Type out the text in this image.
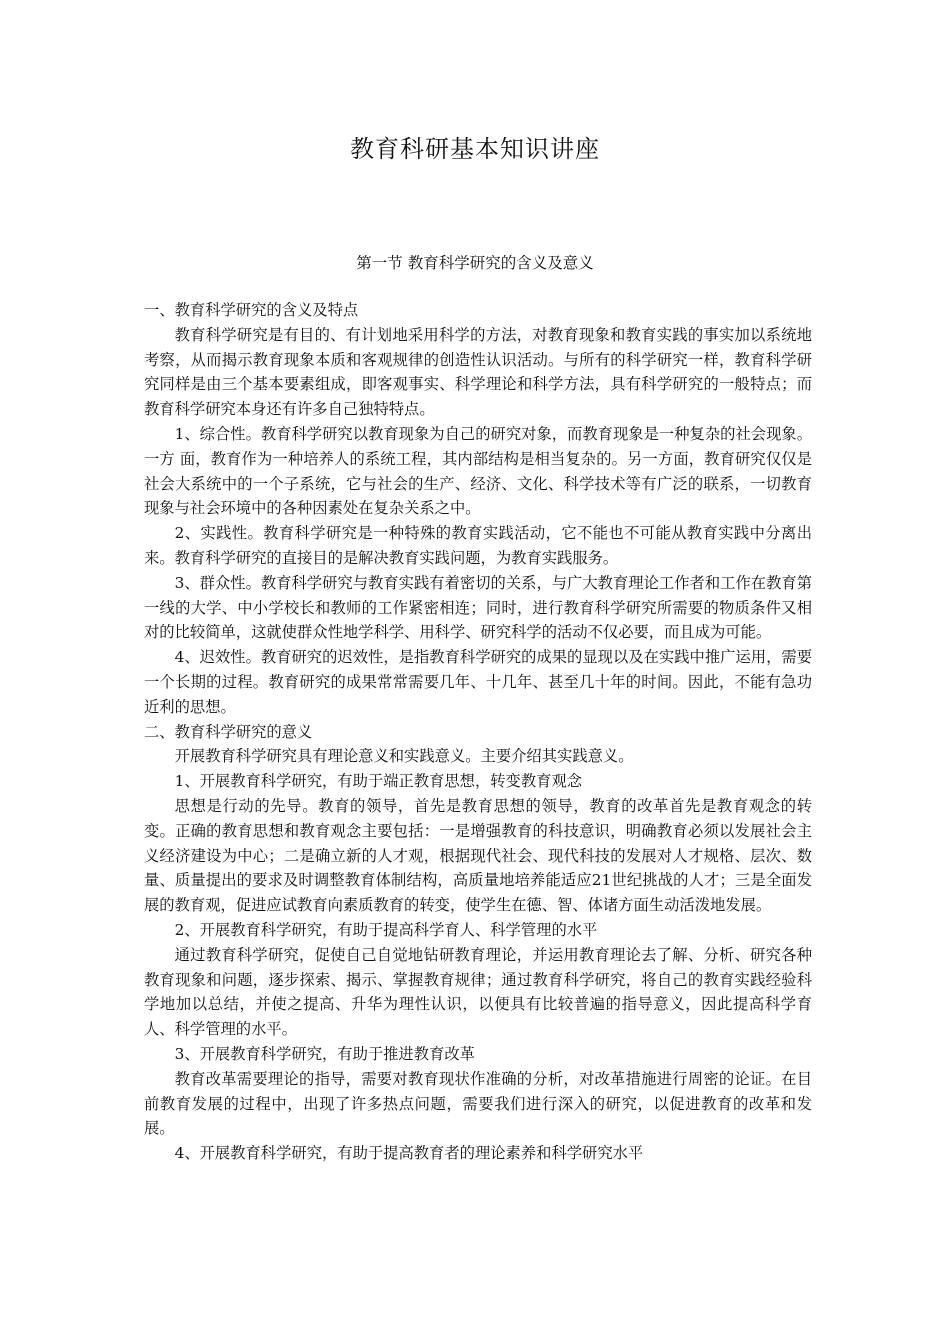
教育科研基本知识讲座
第一节 教育科学研究的含义及意义

一、教育科学研究的含义及特点

教育科学研究是有目的、有计划地采用科学的方法，对教育现象和教育实践的事实加以系统地考察，从而揭示教育现象本质和客观规律的创造性认识活动。与所有的科学研究一样，教育科学研究同样是由三个基本要素组成，即客观事实、科学理论和科学方法，具有科学研究的一般特点；而教育科学研究本身还有许多自己独特特点。

1、综合性。教育科学研究以教育现象为自己的研究对象，而教育现象是一种复杂的社会现象。一方 面，教育作为一种培养人的系统工程，其内部结构是相当复杂的。另一方面，教育研究仅仅是社会大系统中的一个子系统，它与社会的生产、经济、文化、科学技术等有广泛的联系，一切教育现象与社会环境中的各种因素处在复杂关系之中。

2、实践性。教育科学研究是一种特殊的教育实践活动，它不能也不可能从教育实践中分离出来。教育科学研究的直接目的是解决教育实践问题，为教育实践服务。

3、群众性。教育科学研究与教育实践有着密切的关系，与广大教育理论工作者和工作在教育第一线的大学、中小学校长和教师的工作紧密相连；同时，进行教育科学研究所需要的物质条件又相对的比较简单，这就使群众性地学科学、用科学、研究科学的活动不仅必要，而且成为可能。

4、迟效性。教育研究的迟效性，是指教育科学研究的成果的显现以及在实践中推广运用，需要一个长期的过程。教育研究的成果常常需要几年、十几年、甚至几十年的时间。因此，不能有急功近利的思想。

二、教育科学研究的意义

开展教育科学研究具有理论意义和实践意义。主要介绍其实践意义。

1、开展教育科学研究，有助于端正教育思想，转变教育观念

思想是行动的先导。教育的领导，首先是教育思想的领导，教育的改革首先是教育观念的转变。正确的教育思想和教育观念主要包括：一是增强教育的科技意识，明确教育必须以发展社会主义经济建设为中心；二是确立新的人才观，根据现代社会、现代科技的发展对人才规格、层次、数量、质量提出的要求及时调整教育体制结构，高质量地培养能适应21世纪挑战的人才；三是全面发展的教育观，促进应试教育向素质教育的转变，使学生在德、智、体诸方面生动活泼地发展。

2、开展教育科学研究，有助于提高科学育人、科学管理的水平

通过教育科学研究，促使自己自觉地钻研教育理论，并运用教育理论去了解、分析、研究各种教育现象和问题，逐步探索、揭示、掌握教育规律；通过教育科学研究，将自己的教育实践经验科学地加以总结，并使之提高、升华为理性认识，以便具有比较普遍的指导意义，因此提高科学育人、科学管理的水平。

3、开展教育科学研究，有助于推进教育改革

教育改革需要理论的指导，需要对教育现状作准确的分析，对改革措施进行周密的论证。在目前教育发展的过程中，出现了许多热点问题，需要我们进行深入的研究，以促进教育的改革和发展。

4、开展教育科学研究，有助于提高教育者的理论素养和科学研究水平
